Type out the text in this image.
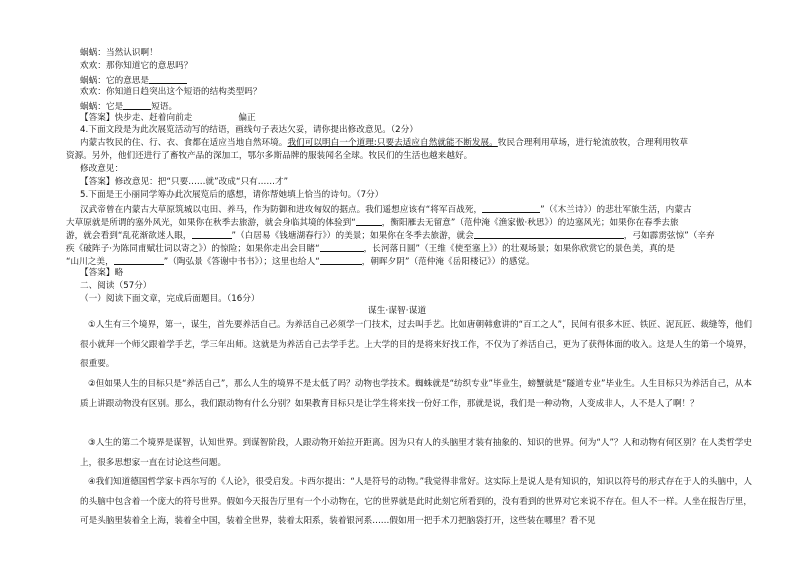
蜗蜗：当然认识啊！
欢欢：那你知道它的意思吗？
蜗蜗：它的意思是
欢欢：你知道日趋突出这个短语的结构类型吗？
蜗蜗：它是	短语。
【答案】快步走、赶着向前走	偏正
4.下面文段是为此次展览活动写的结语，画线句子表达欠妥，请你提出修改意见。（2分）
内蒙古牧民的住、行、衣、食都在适应当地自然环境。我们可以明白一个道理:只要去适应自然就能不断发展。牧民合理利用草场，进行轮流放牧，合理利用牧草
资源。另外，他们还进行了畜牧产品的深加工，鄂尔多斯品牌的服装闻名全球。牧民们的生活也越来越好。
修改意见：
【答案】修改意见：把“只要……就”改成“只有……才”
5.下面是王小丽同学筹办此次展览后的感想，请你帮她填上恰当的诗句。（7分）
汉武帝曾在内蒙古大草原筑城以屯田、养马，作为防御和进攻匈奴的据点。我们遥想应该有“将军百战死，	”（《木兰诗》）的悲壮军旅生活，内蒙古
大草原就是所谓的塞外风光，如果你在秋季去旅游，就会身临其境的体验到“	，衡阳雁去无留意”（范仲淹《渔家傲·秋思》）的边塞风光；如果你在春季去旅
游，就会看到“乱花渐欲迷人眼，	”（白居易《钱塘湖春行》）的美景；如果你在冬季去旅游，就会	，弓如霹雳弦惊”（辛弃
疾《破阵子·为陈同甫赋壮词以寄之》）的惊险；如果你走出会目睹“	，长河落日圆”（王维《使至塞上》）的壮观场景；如果你欣赏它的景色美，真的是
“山川之美，	”（陶弘景《答谢中书书》）；这里也给人“	，朝晖夕阴”（范仲淹《岳阳楼记》）的感觉。
【答案】略
二、阅读（57分）
（一）阅读下面文章，完成后面题目。（16分）
谋生·谋智·谋道
①人生有三个境界，第一，谋生，首先要养活自己。为养活自己必须学一门技术，过去叫手艺。比如唐朝韩愈讲的“百工之人”，民间有很多木匠、铁匠、泥瓦匠、裁缝等，他们很小就拜一个师父跟着学手艺，学三年出师。这就是为养活自己去学手艺。上大学的目的是将来好找工作，不仅为了养活自己，更为了获得体面的收入。这是人生的第一个境界，很重要。
②但如果人生的目标只是“养活自己”，那么人生的境界不是太低了吗？动物也学技术。蜘蛛就是“纺织专业”毕业生，螃蟹就是“隧道专业”毕业生。人生目标只为养活自己，从本质上讲跟动物没有区别。那么，我们跟动物有什么分别？如果教育目标只是让学生将来找一份好工作，那就是说，我们是一种动物，人变成非人，人不是人了啊！？
③人生的第二个境界是谋智，认知世界。到谋智阶段，人跟动物开始拉开距离。因为只有人的头脑里才装有抽象的、知识的世界。何为“人”？人和动物有何区别？在人类哲学史上，很多思想家一直在讨论这些问题。
④我们知道德国哲学家卡西尔写的《人论》，很受启发。卡西尔提出：“人是符号的动物。”我觉得非常好。这实际上是说人是有知识的，知识以符号的形式存在于人的头脑中，人的头脑中包含着一个庞大的符号世界。假如今天报告厅里有一个小动物在，它的世界就是此时此刻它所看到的，没有看到的世界对它来说不存在。但人不一样。人坐在报告厅里，可是头脑里装着全上海，装着全中国，装着全世界，装着太阳系，装着银河系……假如用一把手术刀把脑袋打开，这些装在哪里？看不见
